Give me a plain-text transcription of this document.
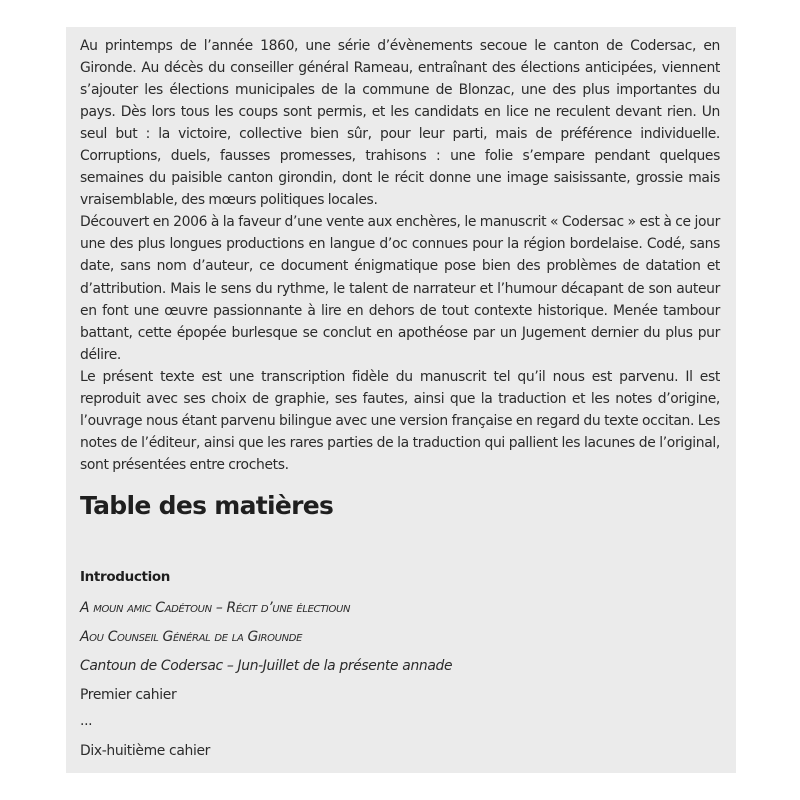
Au printemps de l’année 1860, une série d’évènements secoue le canton de Codersac, en Gironde. Au décès du conseiller général Rameau, entraînant des élections anticipées, viennent s’ajouter les élections municipales de la commune de Blonzac, une des plus importantes du pays. Dès lors tous les coups sont permis, et les candidats en lice ne reculent devant rien. Un seul but : la victoire, collective bien sûr, pour leur parti, mais de préférence individuelle. Corruptions, duels, fausses promesses, trahisons : une folie s’empare pendant quelques semaines du paisible canton girondin, dont le récit donne une image saisissante, grossie mais vraisemblable, des mœurs politiques locales.

Découvert en 2006 à la faveur d’une vente aux enchères, le manuscrit « Codersac » est à ce jour une des plus longues productions en langue d’oc connues pour la région bordelaise. Codé, sans date, sans nom d’auteur, ce document énigmatique pose bien des problèmes de datation et d’attribution. Mais le sens du rythme, le talent de narrateur et l’humour décapant de son auteur en font une œuvre passionnante à lire en dehors de tout contexte historique. Menée tambour battant, cette épopée burlesque se conclut en apothéose par un Jugement dernier du plus pur délire.

Le présent texte est une transcription fidèle du manuscrit tel qu’il nous est parvenu. Il est reproduit avec ses choix de graphie, ses fautes, ainsi que la traduction et les notes d’origine, l’ouvrage nous étant parvenu bilingue avec une version française en regard du texte occitan. Les notes de l’éditeur, ainsi que les rares parties de la traduction qui pallient les lacunes de l’original, sont présentées entre crochets.

Table des matières
Introduction
A moun amic Cadétoun – Récit d’une électioun
Aou Counseil Général de la Girounde
Cantoun de Codersac – Jun-Juillet de la présente annade
Premier cahier
...
Dix-huitième cahier
